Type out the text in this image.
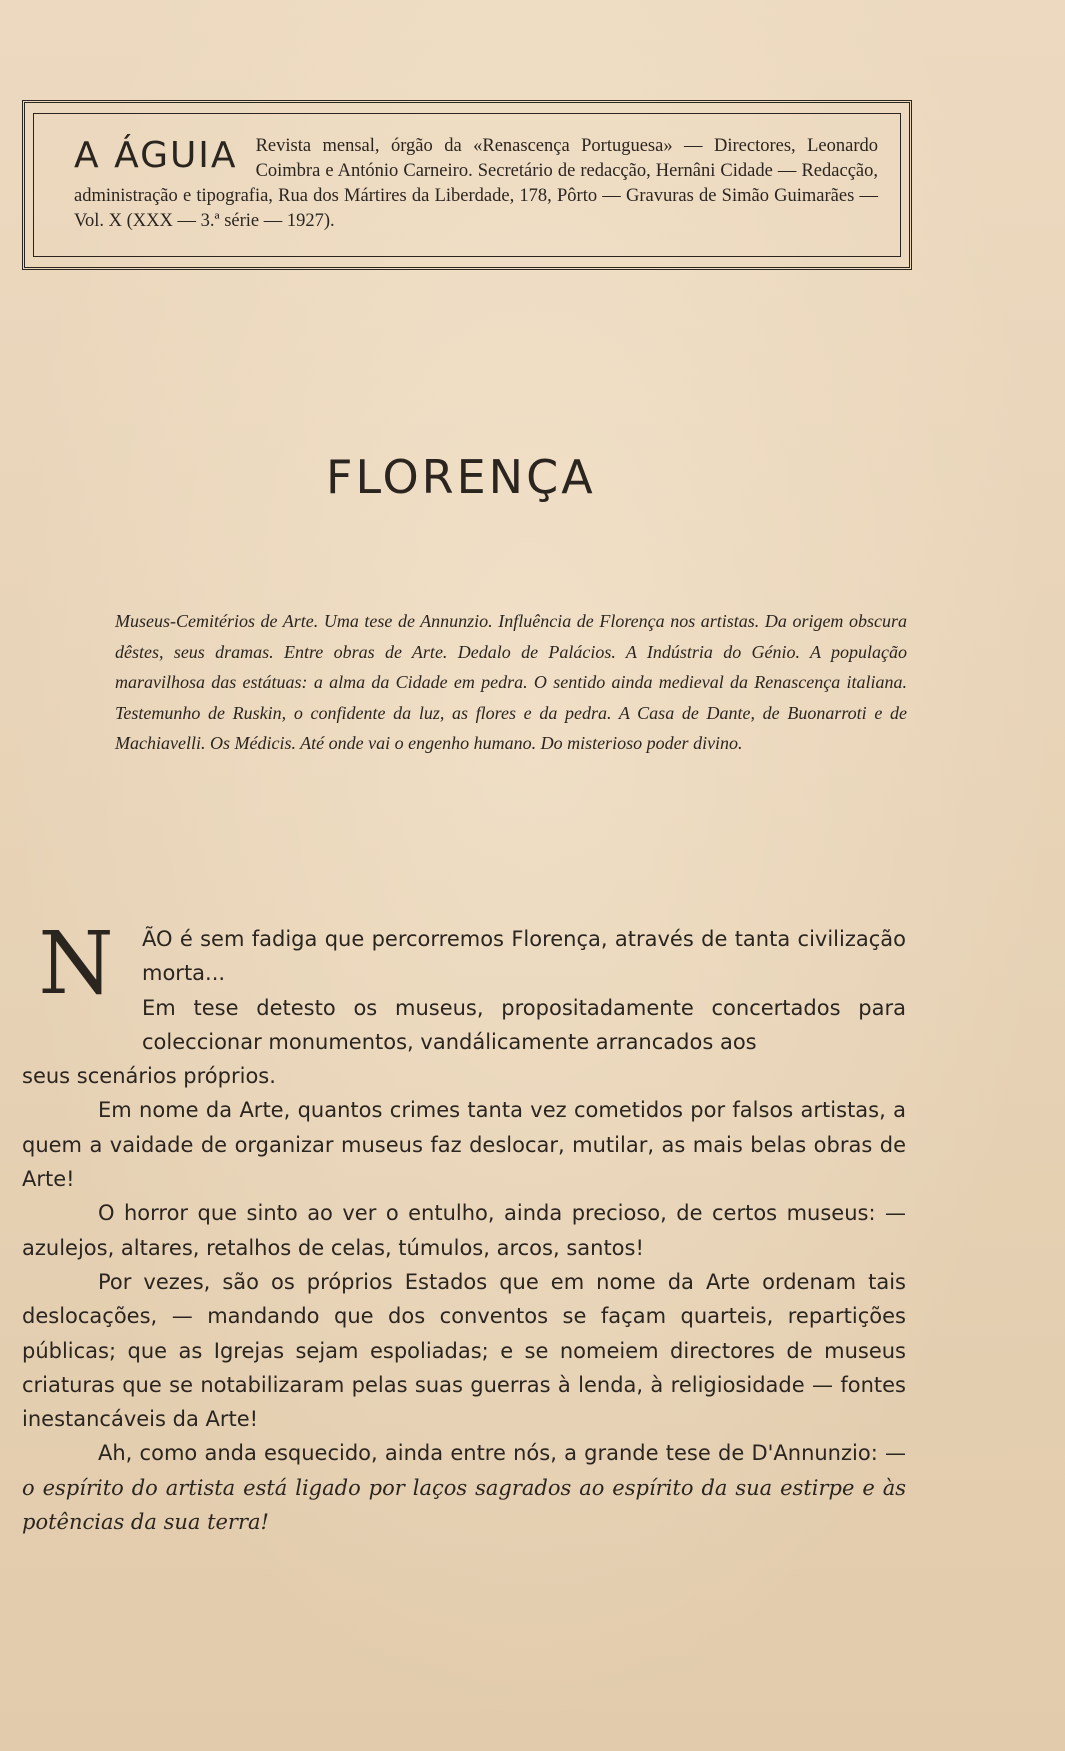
A ÁGUIA Revista mensal, órgão da «Renascença Portuguesa» — Directores, Leonardo Coimbra e António Carneiro. Secretário de redacção, Hernâni Cidade — Redacção, administração e tipografia, Rua dos Mártires da Liberdade, 178, Pôrto — Gravuras de Simão Guimarães — Vol. X (XXX — 3.ª série — 1927).
FLORENÇA
Museus-Cemitérios de Arte. Uma tese de Annunzio. Influência de Florença nos artistas. Da origem obscura dêstes, seus dramas. Entre obras de Arte. Dedalo de Palácios. A Indústria do Génio. A população maravilhosa das estátuas: a alma da Cidade em pedra. O sentido ainda medieval da Renascença italiana. Testemunho de Ruskin, o confidente da luz, as flores e da pedra. A Casa de Dante, de Buonarroti e de Machiavelli. Os Médicis. Até onde vai o engenho humano. Do misterioso poder divino.
N	ÃO é sem fadiga que percorremos Florença, através de tanta civilização morta...

Em tese detesto os museus, propositadamente concertados para coleccionar monumentos, vandálicamente arrancados aos

seus scenários próprios.

Em nome da Arte, quantos crimes tanta vez cometidos por falsos artistas, a quem a vaidade de organizar museus faz deslocar, mutilar, as mais belas obras de Arte!

O horror que sinto ao ver o entulho, ainda precioso, de certos museus: — azulejos, altares, retalhos de celas, túmulos, arcos, santos!

Por vezes, são os próprios Estados que em nome da Arte ordenam tais deslocações, — mandando que dos conventos se façam quarteis, repartições públicas; que as Igrejas sejam espoliadas; e se nomeiem directores de museus criaturas que se notabilizaram pelas suas guerras à lenda, à religiosidade — fontes inestancáveis da Arte!

Ah, como anda esquecido, ainda entre nós, a grande tese de D'Annunzio: — o espírito do artista está ligado por laços sagrados ao espírito da sua estirpe e às potências da sua terra!
